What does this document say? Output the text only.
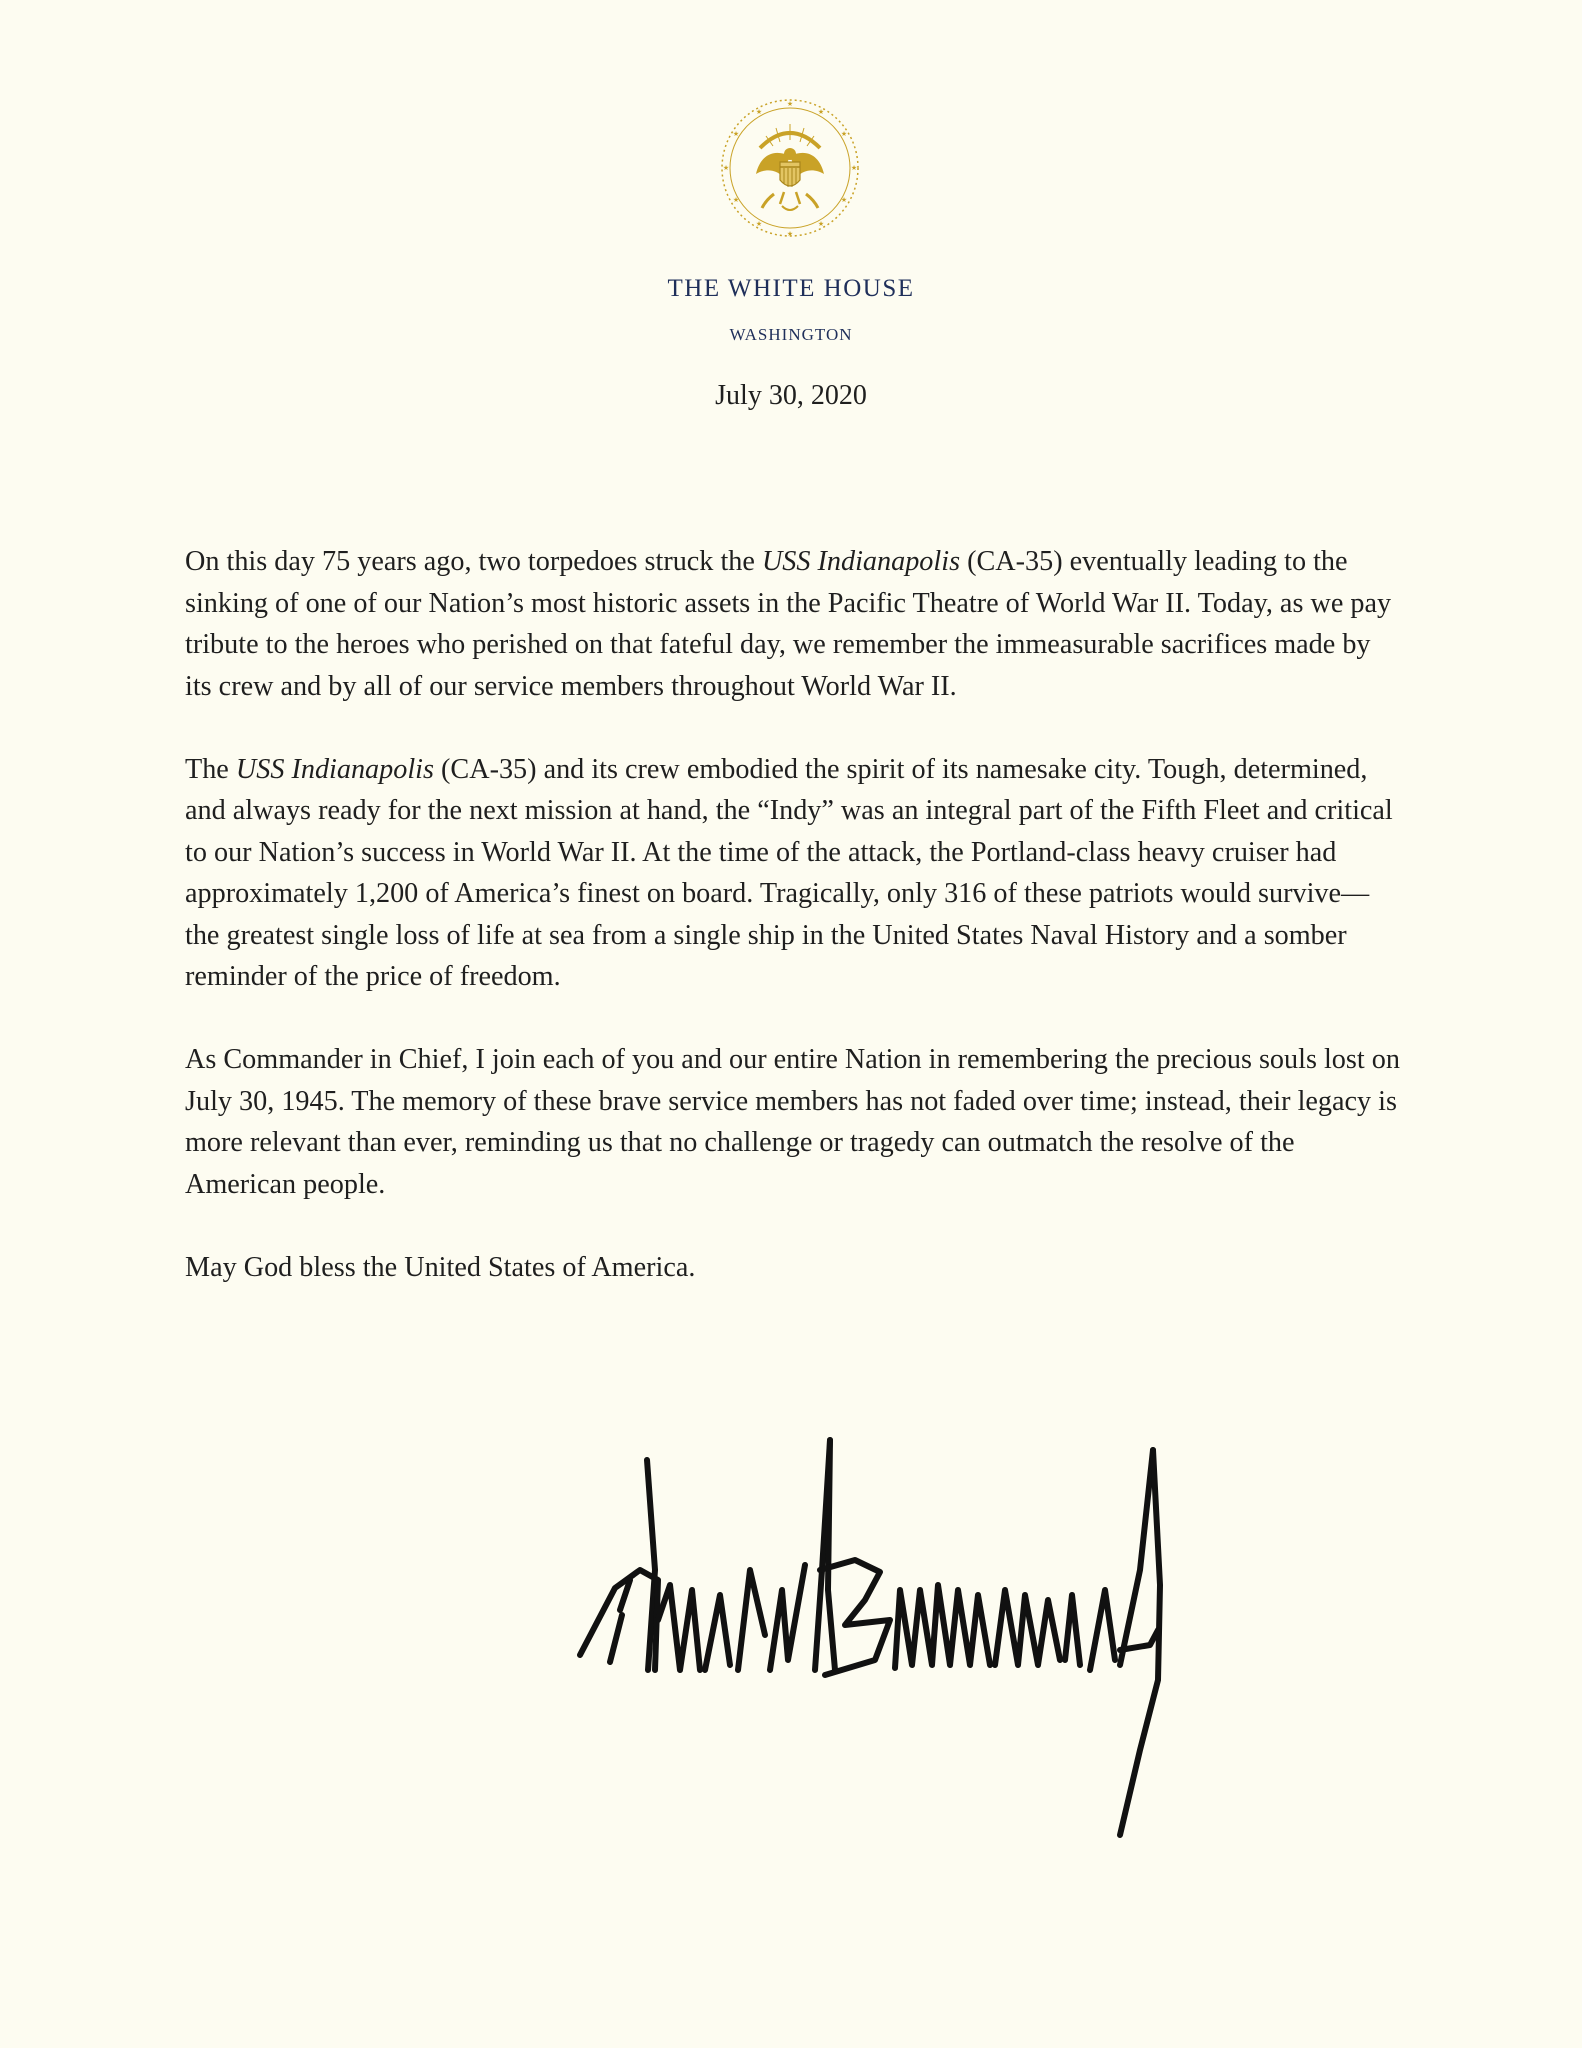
★
★
★
★
★
★
★
★
★
★
★
★
THE WHITE HOUSE
WASHINGTON
July 30, 2020

On this day 75 years ago, two torpedoes struck the USS Indianapolis (CA-35) eventually leading to the sinking of one of our Nation’s most historic assets in the Pacific Theatre of World War II. Today, as we pay tribute to the heroes who perished on that fateful day, we remember the immeasurable sacrifices made by its crew and by all of our service members throughout World War II.

The USS Indianapolis (CA-35) and its crew embodied the spirit of its namesake city. Tough, determined, and always ready for the next mission at hand, the “Indy” was an integral part of the Fifth Fleet and critical to our Nation’s success in World War II. At the time of the attack, the Portland-class heavy cruiser had approximately 1,200 of America’s finest on board. Tragically, only 316 of these patriots would survive—the greatest single loss of life at sea from a single ship in the United States Naval History and a somber reminder of the price of freedom.

As Commander in Chief, I join each of you and our entire Nation in remembering the precious souls lost on July 30, 1945. The memory of these brave service members has not faded over time; instead, their legacy is more relevant than ever, reminding us that no challenge or tragedy can outmatch the resolve of the American people.

May God bless the United States of America.
